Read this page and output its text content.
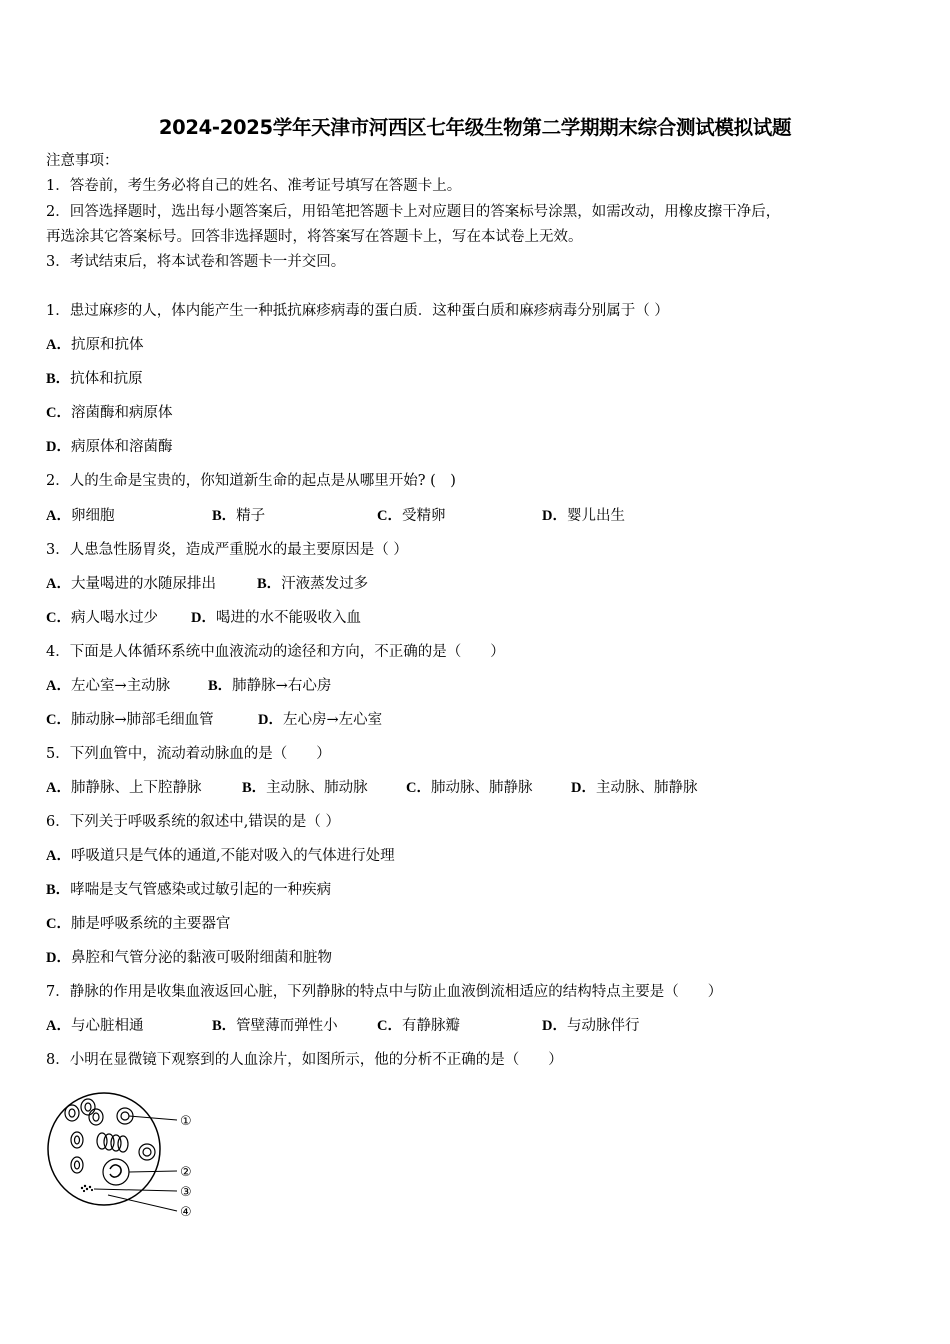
2024-2025学年天津市河西区七年级生物第二学期期末综合测试模拟试题
注意事项：
1．答卷前，考生务必将自己的姓名、准考证号填写在答题卡上。
2．回答选择题时，选出每小题答案后，用铅笔把答题卡上对应题目的答案标号涂黑，如需改动，用橡皮擦干净后，
再选涂其它答案标号。回答非选择题时，将答案写在答题卡上，写在本试卷上无效。
3．考试结束后，将本试卷和答题卡一并交回。
1．患过麻疹的人，体内能产生一种抵抗麻疹病毒的蛋白质．这种蛋白质和麻疹病毒分别属于（ ）
A．抗原和抗体
B．抗体和抗原
C．溶菌酶和病原体
D．病原体和溶菌酶
2．人的生命是宝贵的，你知道新生命的起点是从哪里开始? (　)
A．卵细胞	B．精子	C．受精卵	D．婴儿出生
3．人患急性肠胃炎，造成严重脱水的最主要原因是（ ）
A．大量喝进的水随尿排出	B．汗液蒸发过多
C．病人喝水过少 D．喝进的水不能吸收入血
4．下面是人体循环系统中血液流动的途径和方向，不正确的是（　　）
A．左心室→主动脉	B．肺静脉→右心房
C．肺动脉→肺部毛细血管	D．左心房→左心室
5．下列血管中，流动着动脉血的是（　　）
A．肺静脉、上下腔静脉	B．主动脉、肺动脉	C．肺动脉、肺静脉	D．主动脉、肺静脉
6．下列关于呼吸系统的叙述中,错误的是（ ）
A．呼吸道只是气体的通道,不能对吸入的气体进行处理
B．哮喘是支气管感染或过敏引起的一种疾病
C．肺是呼吸系统的主要器官
D．鼻腔和气管分泌的黏液可吸附细菌和脏物
7．静脉的作用是收集血液返回心脏，下列静脉的特点中与防止血液倒流相适应的结构特点主要是（　　）
A．与心脏相通	B．管壁薄而弹性小	C．有静脉瓣	D．与动脉伴行
8．小明在显微镜下观察到的人血涂片，如图所示，他的分析不正确的是（　　）
①
②
③
④
